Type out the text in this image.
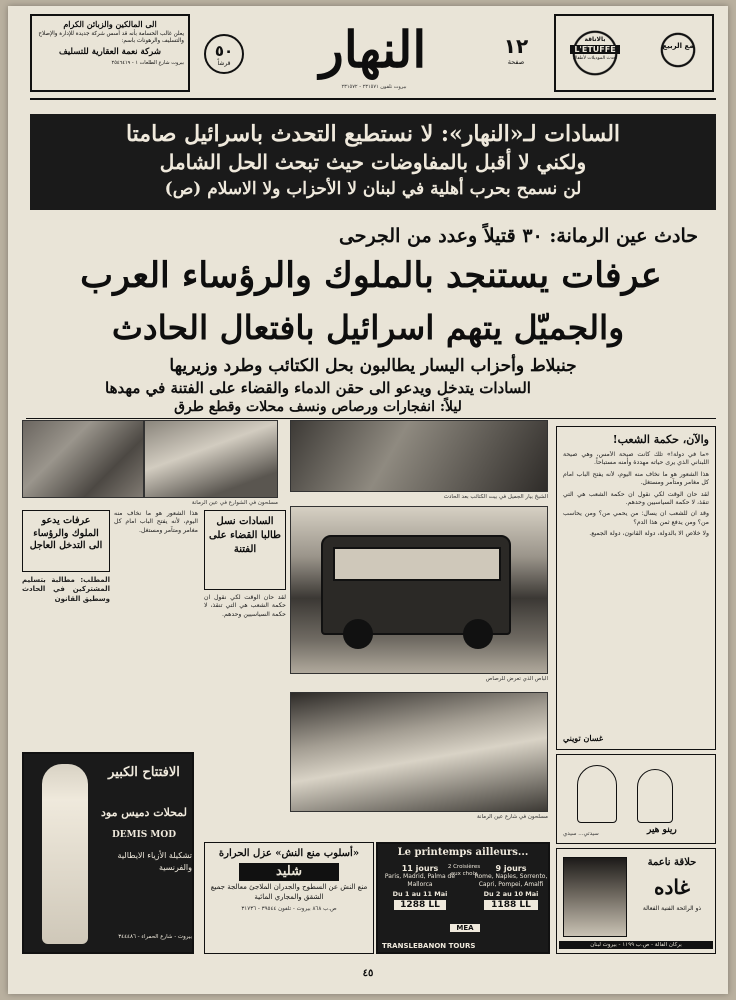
الى المالكين والزبائن الكرام
يعلن غالب الحسامة بأنه قد أسس شركة جديدة للإدارة والإصلاح والتسليف والرهونات باسم:
شركة نعمة العقارية للتسليف
بيروت شارع الطلعات ١ - ٢٥٤٦٤١٩
٥٠
قرشاً	النهار	١٢
صفحة
بيروت تلفون ٢٣١٥٧١ - ٢٣١٥٧٢
بالاناقة
L'ETUFFE
أحدث الموديلات لأطفال
مع الربيع
السادات لـ«النهار»: لا نستطيع التحدث باسرائيل صامتا
ولكني لا أقبل بالمفاوضات حيث تبحث الحل الشامل
لن نسمح بحرب أهلية في لبنان لا الأحزاب ولا الاسلام (ص)
حادث عين الرمانة: ٣٠ قتيلاً وعدد من الجرحى
عرفات يستنجد بالملوك والرؤساء العرب
والجميّل يتهم اسرائيل بافتعال الحادث
جنبلاط وأحزاب اليسار يطالبون بحل الكتائب وطرد وزيريها
السادات يتدخل ويدعو الى حقن الدماء والقضاء على الفتنة في مهدها
ليلاً: انفجارات ورصاص ونسف محلات وقطع طرق
مسلحون في الشوارع في عين الرمانة
الشيخ بيار الجميل في بيت الكتائب بعد الحادث
عرفات يدعو الملوك والرؤساء الى التدخل العاجل
المطلب: مطالبة بتسليم المشتركين في الحادث وسطيق القانون
هذا الشعور هو ما نخاف منه اليوم، لأنه يفتح الباب امام كل مغامر ومتآمر ومستغل.
السادات نسل طالبا القضاء على الفتنة
لقد حان الوقت لكي نقول ان حكمة الشعب هي التي تنقذ، لا حكمة السياسيين وحدهم.
الباص الذي تعرض للرصاص
مسلحون في شارع عين الرمانة
والآن، حكمة الشعب!
«ما في دولة!» تلك كانت صيحة الأمس، وهي صيحة اللبناني الذي يرى حياته مهددة وأمنه مستباحاً.
هذا الشعور هو ما نخاف منه اليوم، لأنه يفتح الباب امام كل مغامر ومتآمر ومستغل.
لقد حان الوقت لكي نقول ان حكمة الشعب هي التي تنقذ، لا حكمة السياسيين وحدهم.
وقد آن للشعب ان يسأل: من يحمي من؟ ومن يحاسب من؟ ومن يدفع ثمن هذا الدم؟
ولا خلاص الا بالدولة، دولة القانون، دولة الجميع.
غسان تويني
رينو هير
سيدتي... سيدي
الافتتاح الكبير
لمحلات دميس مود
DEMIS MOD
تشكيلة الأزياء الايطالية والفرنسية
بيروت - شارع الحمراء - ٣٤٤٤٨٦
«أسلوب منع النش» عزل الحرارة
شليد
منع النش عن السطوح والجدران الملاجئ معالجة جميع الشقق والمجاري المائية
ص.ب ٨٦٨ بيروت - تلفون ٣٩٥٤٤ - ٣١٧٣٦
Le printemps ailleurs...
11 jours
Paris, Madrid, Palma de Mallorca
Du 1 au 11 Mai
1288 LL
2 Croisières aux choix
9 jours
Rome, Naples, Sorrento, Capri, Pompei, Amalfi
Du 2 au 10 Mai
1188 LL
MEA
TRANSLEBANON TOURS
حلاقة ناعمة
غاده
ذو الرائحة الفنية الفعالة
بركان الفالة - ص.ب ١١٩٩ - بيروت لبنان
٤٥
